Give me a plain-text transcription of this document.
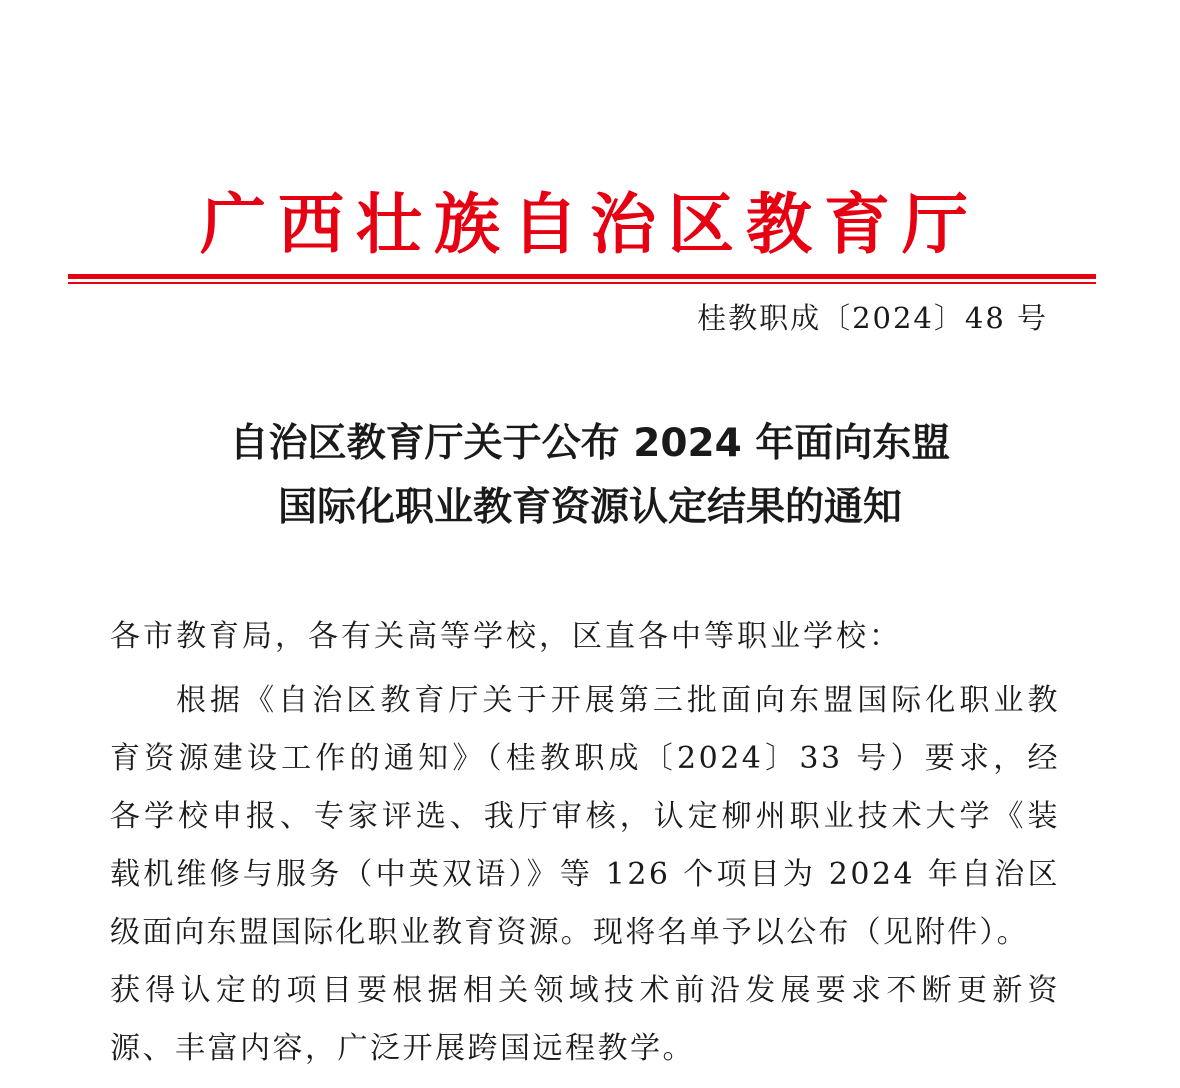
广西壮族自治区教育厅

桂教职成〔2024〕48 号

自治区教育厅关于公布 2024 年面向东盟
国际化职业教育资源认定结果的通知

各市教育局，各有关高等学校，区直各中等职业学校：

根据《自治区教育厅关于开展第三批面向东盟国际化职业教
育资源建设工作的通知》（桂教职成〔2024〕33 号）要求，经
各学校申报、专家评选、我厅审核，认定柳州职业技术大学《装
载机维修与服务（中英双语）》等 126 个项目为 2024 年自治区
级面向东盟国际化职业教育资源。现将名单予以公布（见附件）。
获得认定的项目要根据相关领域技术前沿发展要求不断更新资
源、丰富内容，广泛开展跨国远程教学。
